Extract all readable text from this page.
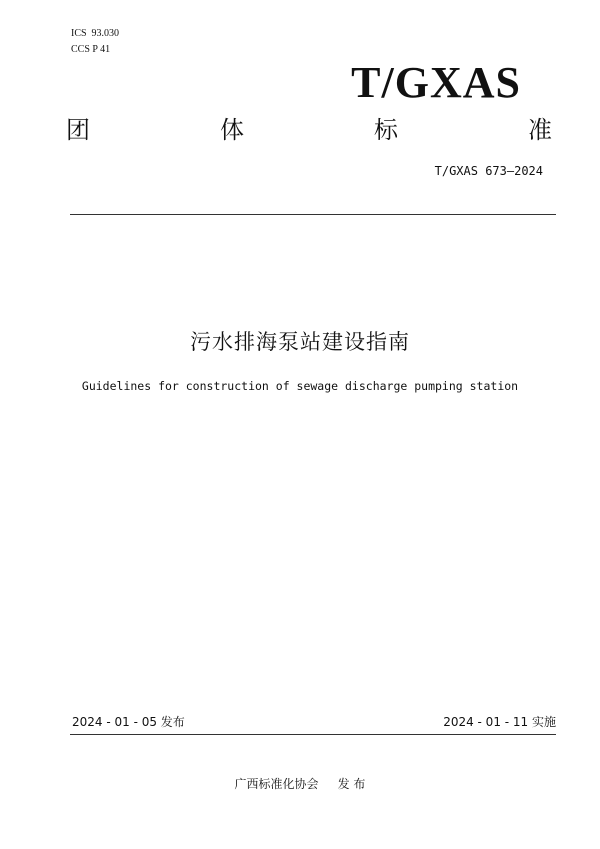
ICS  93.030
CCS P 41
T/GXAS
团	体	标	准
T/GXAS 673—2024
污水排海泵站建设指南
Guidelines for construction of sewage discharge pumping station
2024 - 01 - 05 发布	2024 - 01 - 11 实施
广西标准化协会     发 布
